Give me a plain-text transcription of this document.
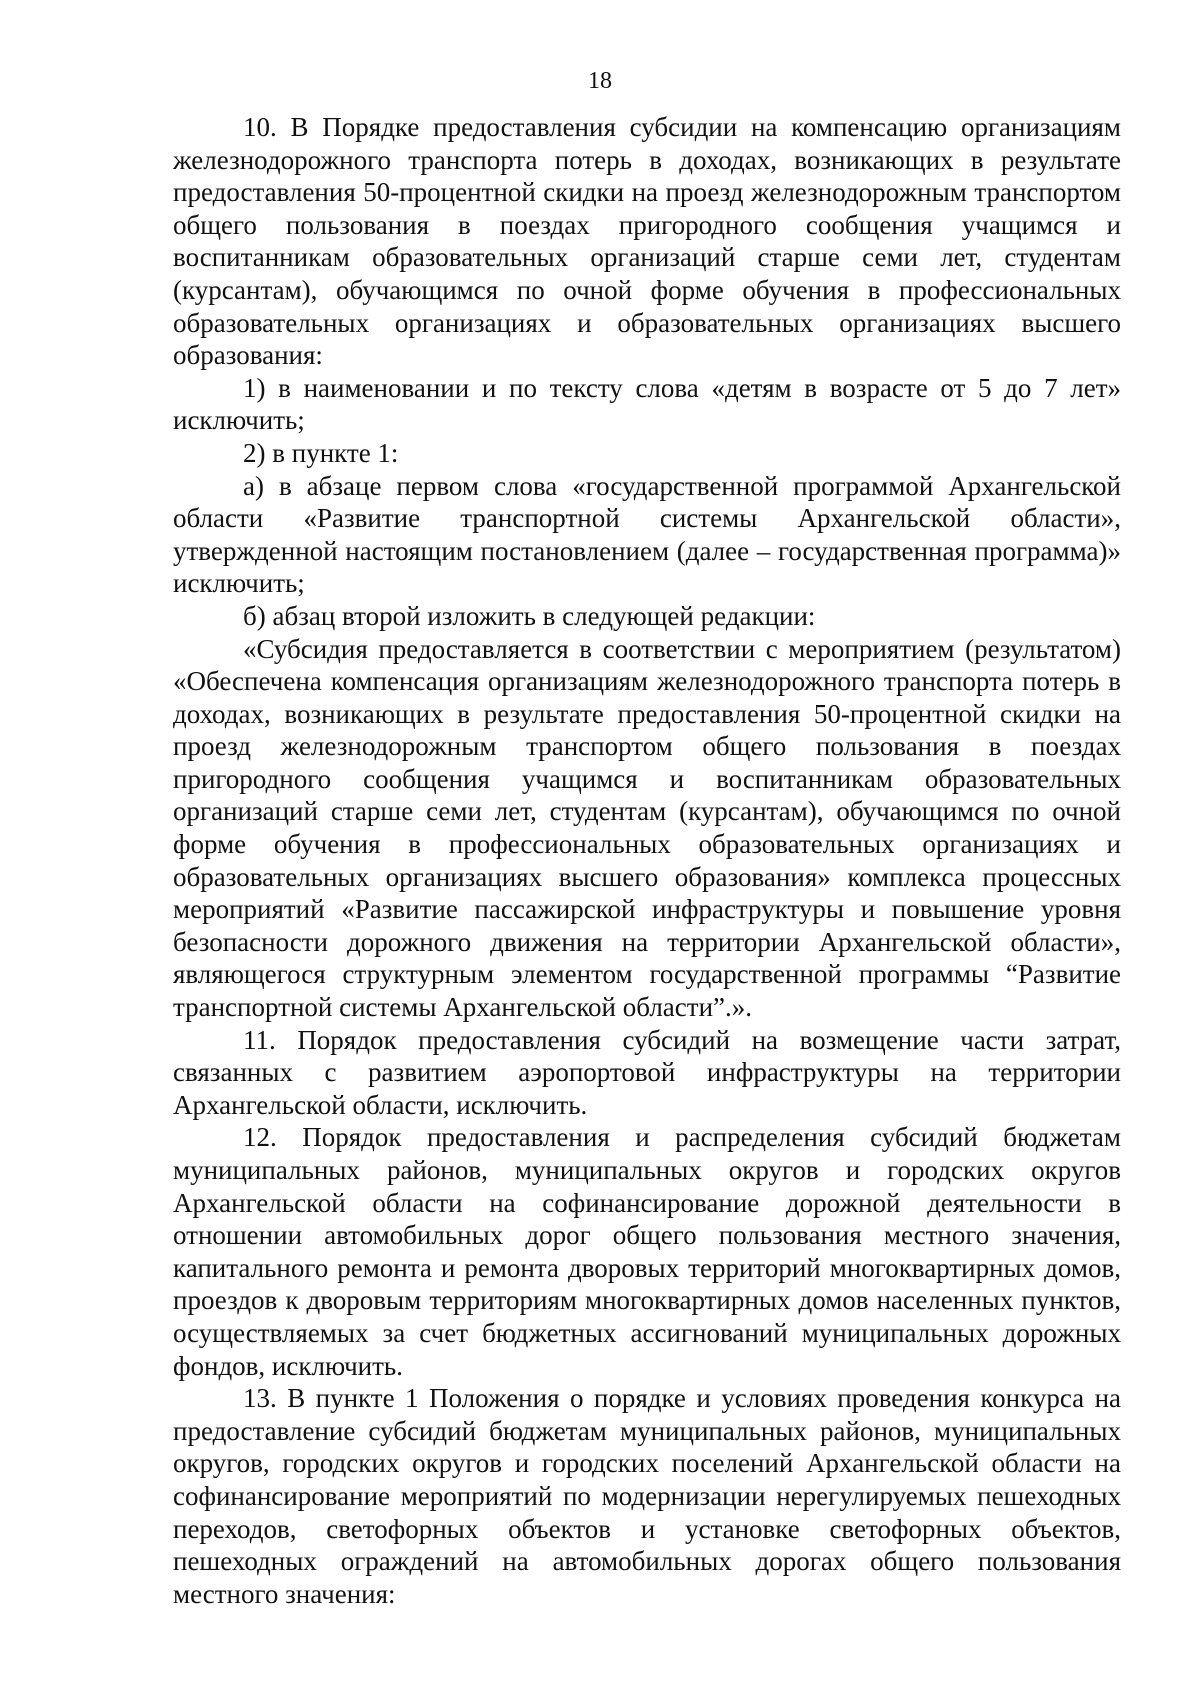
18

10. В Порядке предоставления субсидии на компенсацию организациям железнодорожного транспорта потерь в доходах, возникающих в результате предоставления 50-процентной скидки на проезд железнодорожным транспортом общего пользования в поездах пригородного сообщения учащимся и воспитанникам образовательных организаций старше семи лет, студентам (курсантам), обучающимся по очной форме обучения в профессиональных образовательных организациях и образовательных организациях высшего образования:

1) в наименовании и по тексту слова «детям в возрасте от 5 до 7 лет» исключить;

2) в пункте 1:

а) в абзаце первом слова «государственной программой Архангельской области «Развитие транспортной системы Архангельской области», утвержденной настоящим постановлением (далее – государственная программа)» исключить;

б) абзац второй изложить в следующей редакции:

«Субсидия предоставляется в соответствии с мероприятием (результатом) «Обеспечена компенсация организациям железнодорожного транспорта потерь в доходах, возникающих в результате предоставления 50-процентной скидки на проезд железнодорожным транспортом общего пользования в поездах пригородного сообщения учащимся и воспитанникам образовательных организаций старше семи лет, студентам (курсантам), обучающимся по очной форме обучения в профессиональных образовательных организациях и образовательных организациях высшего образования» комплекса процессных мероприятий «Развитие пассажирской инфраструктуры и повышение уровня безопасности дорожного движения на территории Архангельской области», являющегося структурным элементом государственной программы “Развитие транспортной системы Архангельской области”.».

11. Порядок предоставления субсидий на возмещение части затрат, связанных с развитием аэропортовой инфраструктуры на территории Архангельской области, исключить.

12. Порядок предоставления и распределения субсидий бюджетам муниципальных районов, муниципальных округов и городских округов Архангельской области на софинансирование дорожной деятельности в отношении автомобильных дорог общего пользования местного значения, капитального ремонта и ремонта дворовых территорий многоквартирных домов, проездов к дворовым территориям многоквартирных домов населенных пунктов, осуществляемых за счет бюджетных ассигнований муниципальных дорожных фондов, исключить.

13. В пункте 1 Положения о порядке и условиях проведения конкурса на предоставление субсидий бюджетам муниципальных районов, муниципальных округов, городских округов и городских поселений Архангельской области на софинансирование мероприятий по модернизации нерегулируемых пешеходных переходов, светофорных объектов и установке светофорных объектов, пешеходных ограждений на автомобильных дорогах общего пользования местного значения:
